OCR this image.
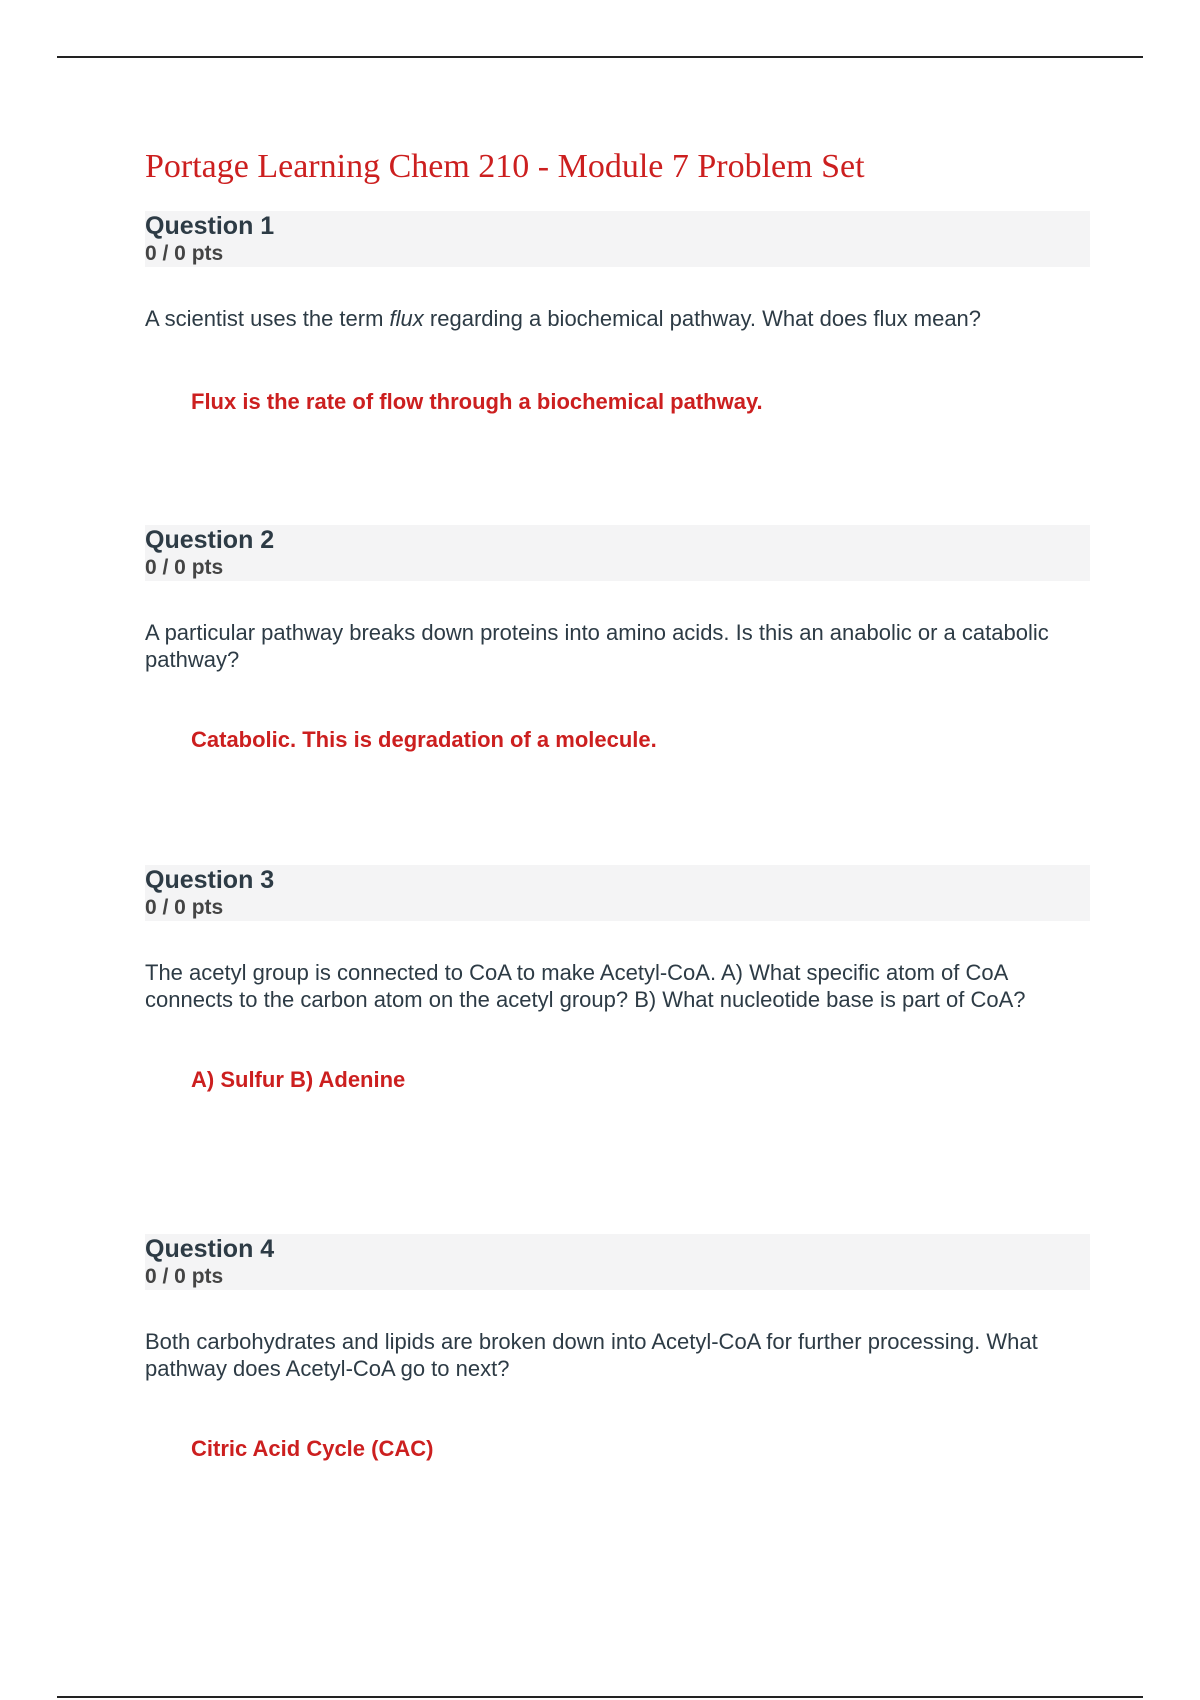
Portage Learning Chem 210 - Module 7 Problem Set
Question 1
0 / 0 pts

A scientist uses the term flux regarding a biochemical pathway. What does flux mean?

Flux is the rate of flow through a biochemical pathway.

Question 2
0 / 0 pts

A particular pathway breaks down proteins into amino acids. Is this an anabolic or a catabolic pathway?

Catabolic. This is degradation of a molecule.

Question 3
0 / 0 pts

The acetyl group is connected to CoA to make Acetyl-CoA. A) What specific atom of CoA connects to the carbon atom on the acetyl group? B) What nucleotide base is part of CoA?

A) Sulfur B) Adenine

Question 4
0 / 0 pts

Both carbohydrates and lipids are broken down into Acetyl-CoA for further processing. What pathway does Acetyl-CoA go to next?

Citric Acid Cycle (CAC)
